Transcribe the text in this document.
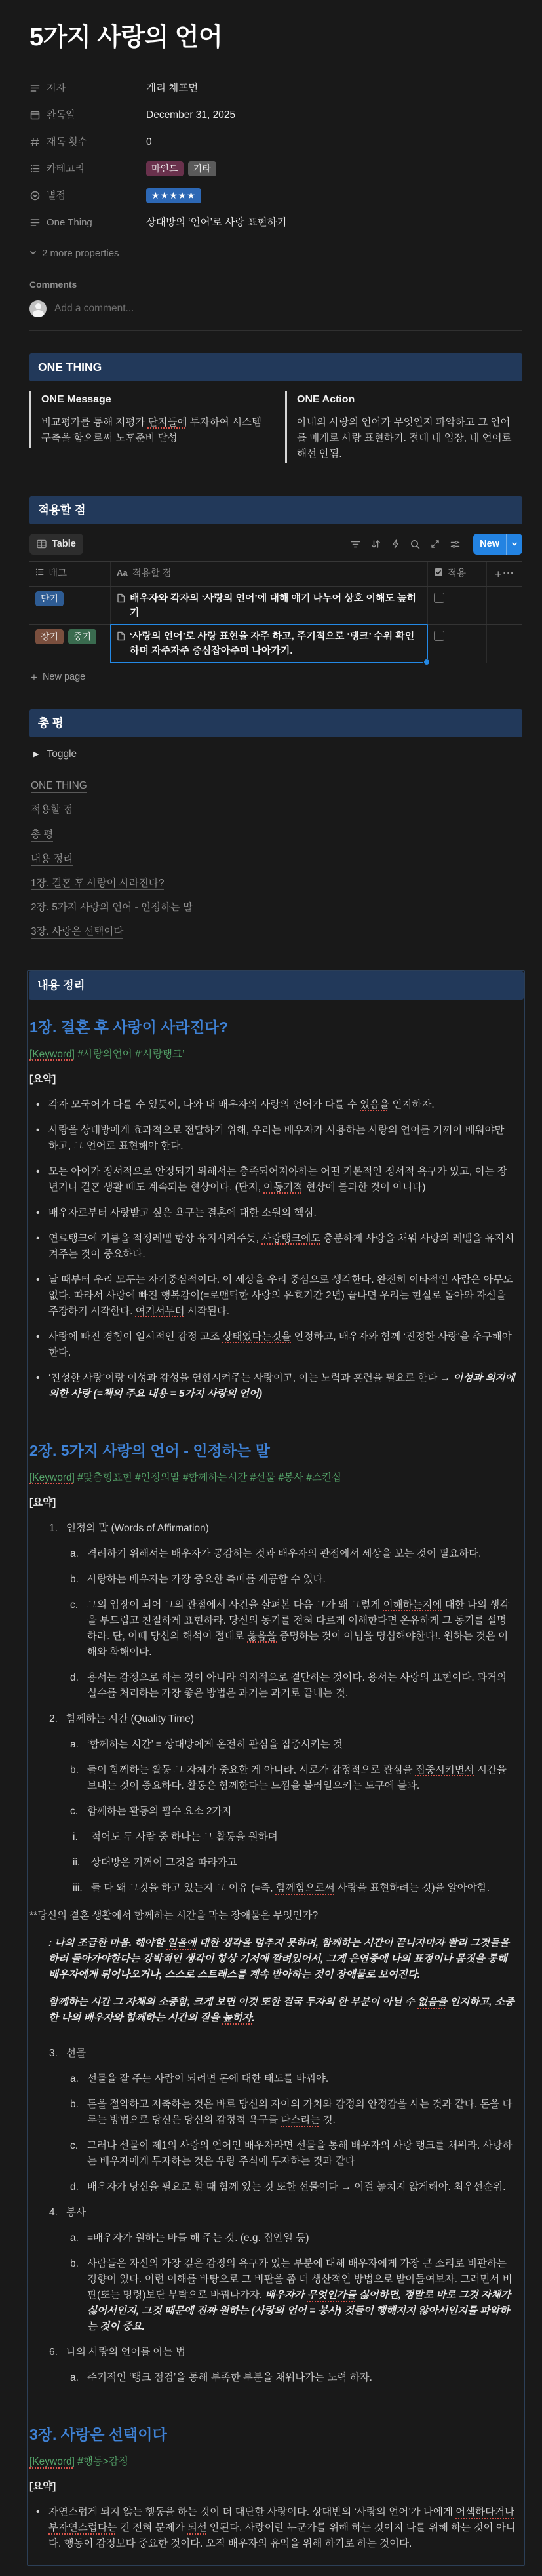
5가지 사랑의 언어
저자	게리 채프먼
완독일	December 31, 2025
재독 횟수	0
카테고리	마인드	기타
별점	★★★★★
One Thing	상대방의 ‘언어’로 사랑 표현하기
2 more properties
Comments
Add a comment...
ONE THING
ONE Message
비교평가를 통해 저평가 단지들에 투자하여 시스템구축을 함으로써 노후준비 달성
ONE Action
아내의 사랑의 언어가 무엇인지 파악하고 그 언어를 매개로 사랑 표현하기. 절대 내 입장, 내 언어로 해선 안됨.
적용할 점
Table	New
태그	Aa 적용할 점	적용 + ···
단기	배우자와 각자의 ‘사랑의 언어’에 대해 얘기 나누어 상호 이해도 높히기
장기	중기	‘사랑의 언어’로 사랑 표현을 자주 하고, 주기적으로 ‘탱크’ 수위 확인하며 자주자주 중심잡아주며 나아가기.
+ New page
총 평
▶ Toggle
ONE THING
적용할 점
총 평
내용 정리
1장. 결혼 후 사랑이 사라진다?
2장. 5가지 사랑의 언어 - 인정하는 말
3장. 사랑은 선택이다
내용 정리
1장. 결혼 후 사랑이 사라진다?
[Keyword] #사랑의언어 #‘사랑탱크’
[요약]
• 각자 모국어가 다를 수 있듯이, 나와 내 배우자의 사랑의 언어가 다를 수 있음을 인지하자.
• 사랑을 상대방에게 효과적으로 전달하기 위해, 우리는 배우자가 사용하는 사랑의 언어를 기꺼이 배워야만 하고, 그 언어로 표현해야 한다.
• 모든 아이가 정서적으로 안정되기 위해서는 충족되어져야하는 어떤 기본적인 정서적 욕구가 있고, 이는 장년기나 결혼 생활 때도 계속되는 현상이다. (단지, 아동기적 현상에 불과한 것이 아니다)
• 배우자로부터 사랑받고 싶은 욕구는 결혼에 대한 소원의 핵심.
• 연료탱크에 기름을 적정레벨 항상 유지시켜주듯, 사랑탱크에도 충분하게 사랑을 채워 사랑의 레벨을 유지시켜주는 것이 중요하다.
• 날 때부터 우리 모두는 자기중심적이다. 이 세상을 우리 중심으로 생각한다. 완전히 이타적인 사람은 아무도 없다. 따라서 사랑에 빠진 행복감이(=로맨틱한 사랑의 유효기간 2년) 끝나면 우리는 현실로 돌아와 자신을 주장하기 시작한다. 여기서부터 시작된다.
• 사랑에 빠진 경험이 일시적인 감정 고조 상태였다는것을 인정하고, 배우자와 함께 ‘진정한 사랑’을 추구해야한다.
• ‘진성한 사랑’이랑 이성과 감성을 연합시켜주는 사랑이고, 이는 노력과 훈련을 필요로 한다 → 이성과 의지에 의한 사랑 (=책의 주요 내용 = 5가지 사랑의 언어)
2장. 5가지 사랑의 언어 - 인정하는 말
[Keyword] #맞춤형표현 #인정의말 #함께하는시간 #선물 #봉사 #스킨십
[요약]
1. 인정의 말 (Words of Affirmation)
a. 격려하기 위해서는 배우자가 공감하는 것과 배우자의 관점에서 세상을 보는 것이 필요하다.
b. 사랑하는 배우자는 가장 중요한 촉매를 제공할 수 있다.
c. 그의 입장이 되어 그의 관점에서 사건을 살펴본 다음 그가 왜 그렇게 이해하는지에 대한 나의 생각을 부드럽고 친절하게 표현하라. 당신의 동기를 전혀 다르게 이해한다면 온유하게 그 동기를 설명하라. 단, 이때 당신의 해석이 절대로 옳음을 증명하는 것이 아님을 명심해야한다!. 원하는 것은 이해와 화해이다.
d. 용서는 감정으로 하는 것이 아니라 의지적으로 결단하는 것이다. 용서는 사랑의 표현이다. 과거의 실수를 처리하는 가장 좋은 방법은 과거는 과거로 끝내는 것.
2. 함께하는 시간 (Quality Time)
a. ‘함께하는 시간’ = 상대방에게 온전히 관심을 집중시키는 것
b. 둘이 함께하는 활동 그 자체가 중요한 게 아니라, 서로가 감정적으로 관심을 집중시키면서 시간을 보내는 것이 중요하다. 활동은 함께한다는 느낌을 불러일으키는 도구에 불과.
c. 함께하는 활동의 필수 요소 2가지
i.	적어도 두 사람 중 하나는 그 활동을 원하며
ii.	상대방은 기꺼이 그것을 따라가고
iii. 둘 다 왜 그것을 하고 있는지 그 이유 (=즉, 함께함으로써 사랑을 표현하려는 것)을 알아야함.
**당신의 결혼 생활에서 함께하는 시간을 막는 장애물은 무엇인가?
: 나의 조급한 마음. 해야할 일을에 대한 생각을 멈추지 못하며, 함께하는 시간이 끝나자마자 빨리 그것들을 하러 돌아가야한다는 강박적인 생각이 항상 기저에 깔려있어서, 그게 은연중에 나의 표정이나 몸짓을 통해 배우자에게 튀어나오거나, 스스로 스트레스를 계속 받아하는 것이 장애물로 보여진다.
함께하는 시간 그 자체의 소중함, 크게 보면 이것 또한 결국 투자의 한 부분이 아닐 수 없음을 인지하고, 소중한 나의 배우자와 함께하는 시간의 질을 높히자.
3. 선물
a. 선물을 잘 주는 사람이 되려면 돈에 대한 태도를 바꿔야.
b. 돈을 절약하고 저축하는 것은 바로 당신의 자아의 가치와 감정의 안정감을 사는 것과 같다. 돈을 다루는 방법으로 당신은 당신의 감정적 욕구를 다스리는 것.
c. 그러나 선물이 제1의 사랑의 언어인 배우자라면 선물을 통해 배우자의 사랑 탱크를 채워라. 사랑하는 배우자에게 투자하는 것은 우량 주식에 투자하는 것과 같다
d. 배우자가 당신을 필요로 할 때 함께 있는 것 또한 선물이다 → 이걸 놓치지 않게해야. 최우선순위.
4. 봉사
a. =배우자가 원하는 바를 해 주는 것. (e.g. 집안일 등)
b. 사람들은 자신의 가장 깊은 감정의 욕구가 있는 부분에 대해 배우자에게 가장 큰 소리로 비판하는 경향이 있다. 이런 이해를 바탕으로 그 비판을 좀 더 생산적인 방법으로 받아들여보자. 그러면서 비판(또는 명령)보단 부탁으로 바꿔나가자. 배우자가 무엇인가를 싫어하면, 정말로 바로 그것 자체가 싫어서인지, 그것 때문에 진짜 원하는 (사랑의 언어 = 봉사) 것들이 행해지지 않아서인지를 파악하는 것이 중요.
6. 나의 사랑의 언어를 아는 법
a. 주기적인 ‘탱크 점검’을 통해 부족한 부분을 채워나가는 노력 하자.
3장. 사랑은 선택이다
[Keyword] #행동>감정
[요약]
• 자연스럽게 되지 않는 행동을 하는 것이 더 대단한 사랑이다. 상대반의 ‘사랑의 언어’가 나에게 어색하다거나 부자연스럽다는 건 전혀 문제가 되선 안된다. 사랑이란 누군가를 위해 하는 것이지 나를 위해 하는 것이 아니다. 행동이 감정보다 중요한 것이다. 오직 배우자의 유익을 위해 하기로 하는 것이다.
